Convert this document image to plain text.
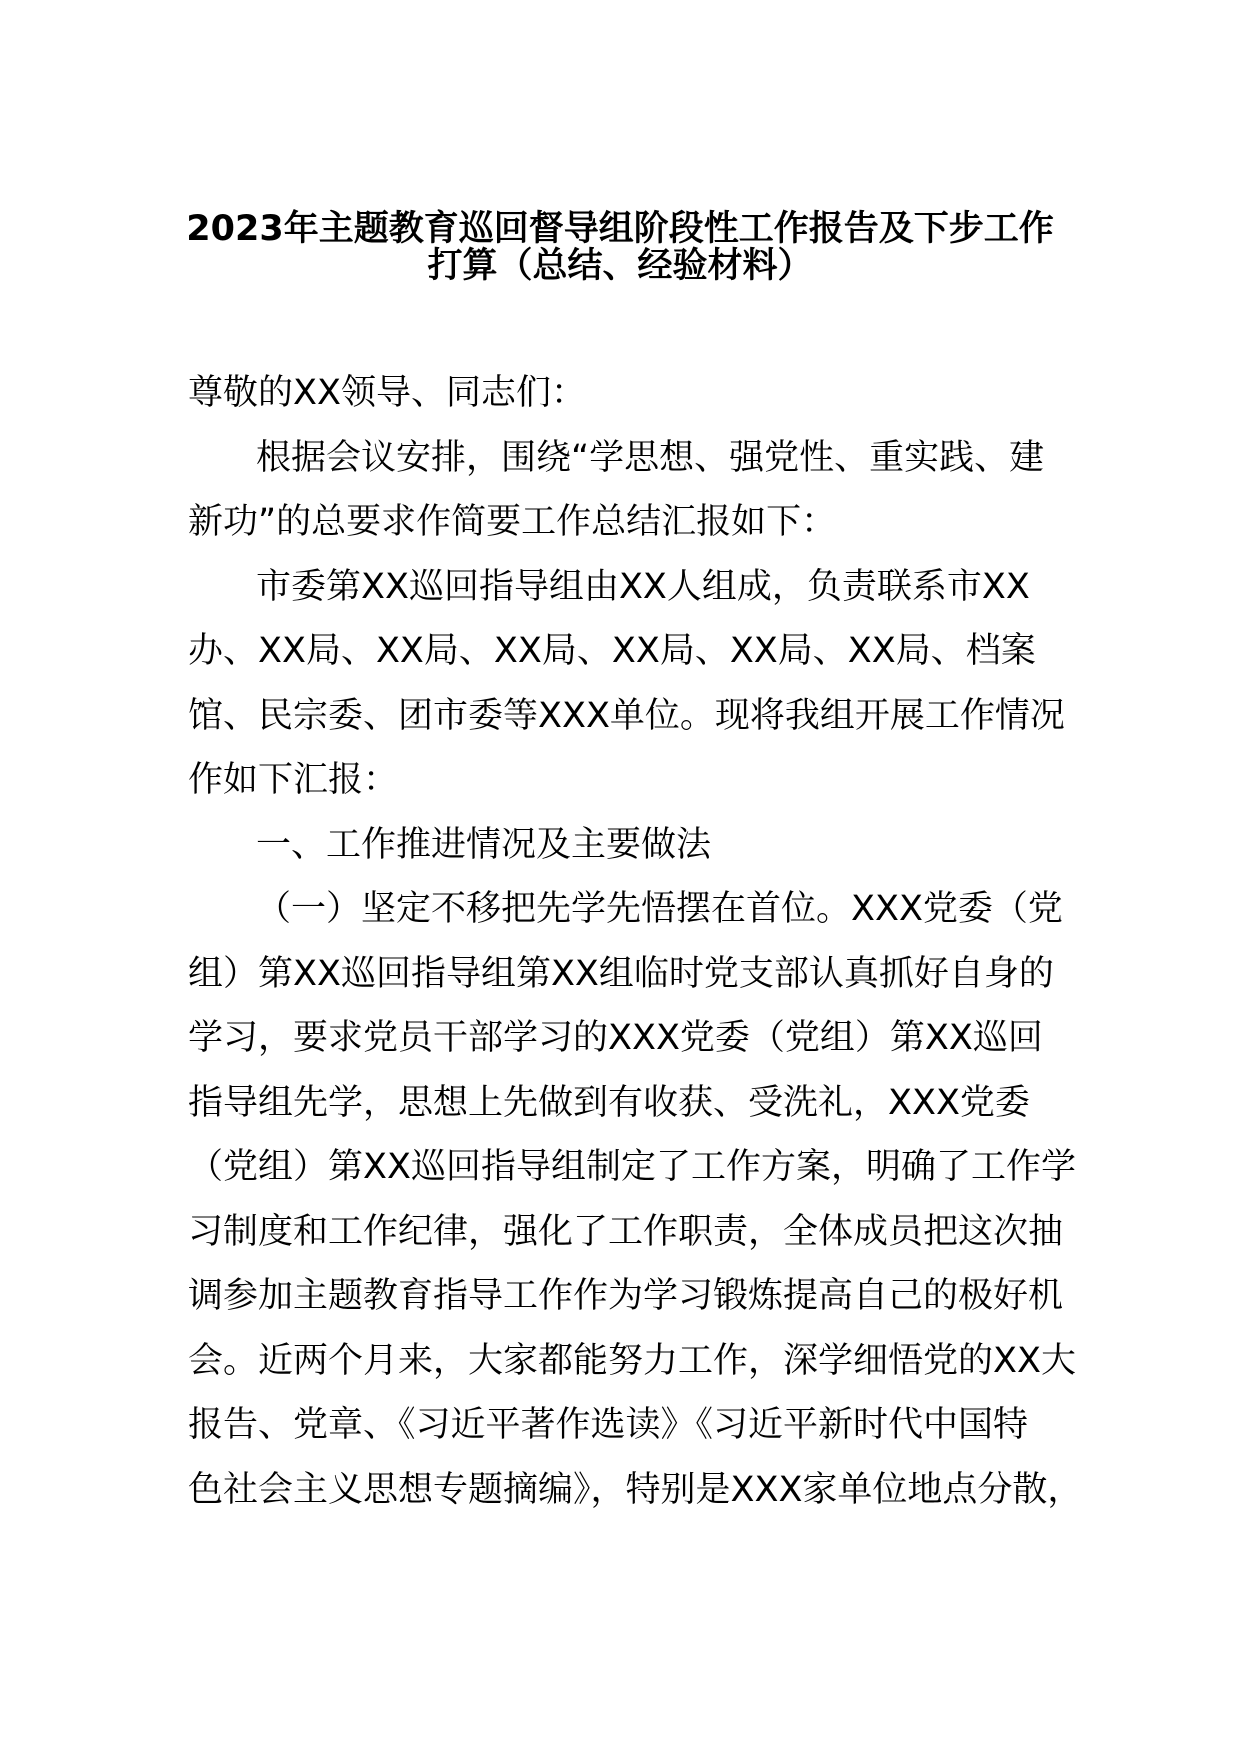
2023年主题教育巡回督导组阶段性工作报告及下步工作
打算（总结、经验材料）
尊敬的XX领导、同志们：
根据会议安排，围绕“学思想、强党性、重实践、建
新功”的总要求作简要工作总结汇报如下：
市委第XX巡回指导组由XX人组成，负责联系市XX
办、XX局、XX局、XX局、XX局、XX局、XX局、档案
馆、民宗委、团市委等XXX单位。现将我组开展工作情况
作如下汇报：
一、工作推进情况及主要做法
（一）坚定不移把先学先悟摆在首位。XXX党委（党
组）第XX巡回指导组第XX组临时党支部认真抓好自身的
学习，要求党员干部学习的XXX党委（党组）第XX巡回
指导组先学，思想上先做到有收获、受洗礼，XXX党委
（党组）第XX巡回指导组制定了工作方案，明确了工作学
习制度和工作纪律，强化了工作职责，全体成员把这次抽
调参加主题教育指导工作作为学习锻炼提高自己的极好机
会。近两个月来，大家都能努力工作，深学细悟党的XX大
报告、党章、《习近平著作选读》《习近平新时代中国特
色社会主义思想专题摘编》，特别是XXX家单位地点分散，
